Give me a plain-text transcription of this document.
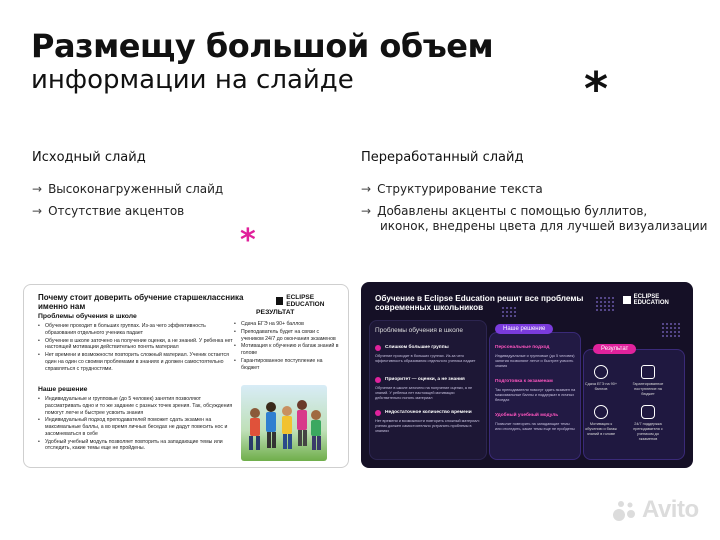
Размещу большой объем
информации на слайде	*
*
Исходный слайд
→ Высоконагруженный слайд
→ Отсутствие акцентов
Переработанный слайд
→ Структурирование текста
→ Добавлены акценты с помощью буллитов,
иконок, внедрены цвета для лучшей визуализации
Почему стоит доверить обучение старшеклассника именно нам
ECLIPSE EDUCATION
Проблемы обучения в школе
• Обучение проходит в больших группах. Из-за чего эффективность образования отдельного ученика падает
• Обучение в школе заточено на получение оценки, а не знаний. У ребенка нет настоящей мотивации действительно понять материал
• Нет времени и возможности повторить сложный материал. Ученик остается один на один со своими проблемами в знаниях и должен самостоятельно справляться с трудностями.
Наше решение
• Индивидуальные и групповые (до 5 человек) занятия позволяют рассматривать одно и то же задание с разных точек зрения. Так, обсуждения помогут легче и быстрее усвоить знания
• Индивидуальный подход преподавателей поможет сдать экзамен на максимальные баллы, а во время личных беседах не дадут повесить нос и засомневаться в себе
• Удобный учебный модуль позволяет повторить на западающие темы или отследить, какие темы еще не пройдены.
РЕЗУЛЬТАТ
• Сдача ЕГЭ на 90+ баллов
• Преподаватель будет на связи с учеником 24/7 до окончания экзаменов
• Мотивация к обучению и багаж знаний в голове
• Гарантированное поступление на бюджет
Обучение в Eclipse Education решит все проблемы современных школьников
ECLIPSE EDUCATION
Проблемы обучения в школе	Наше решение
Результат
Слишком большие группы
Обучение проходит в больших группах. Из-за чего эффективность образования отдельного ученика падает
Приоритет — оценки, а не знания
Обучение в школе заточено на получение оценки, а не знаний. У ребенка нет настоящей мотивации действительно понять материал
Недостаточное количество времени
Нет времени и возможности повторить сложный материал: ученик должен самостоятельно устранить проблемы в знаниях
Персональные подход
Индивидуальные и групповые (до 5 человек) занятия позволяют легче и быстрее усвоить знания
Подготовка к экзаменам
Так преподаватели помогут сдать экзамен на максимальные баллы и поддержат в личных беседах
Удобный учебный модуль
Позволит повторить на западающие темы или отследить, какие темы еще не пройдены
Сдача ЕГЭ на 90+ баллов
Гарантированное поступление на бюджет
Мотивация к обучению и багаж знаний в голове
24/7 поддержка преподавателя с учеником до экзаменов
Avito
